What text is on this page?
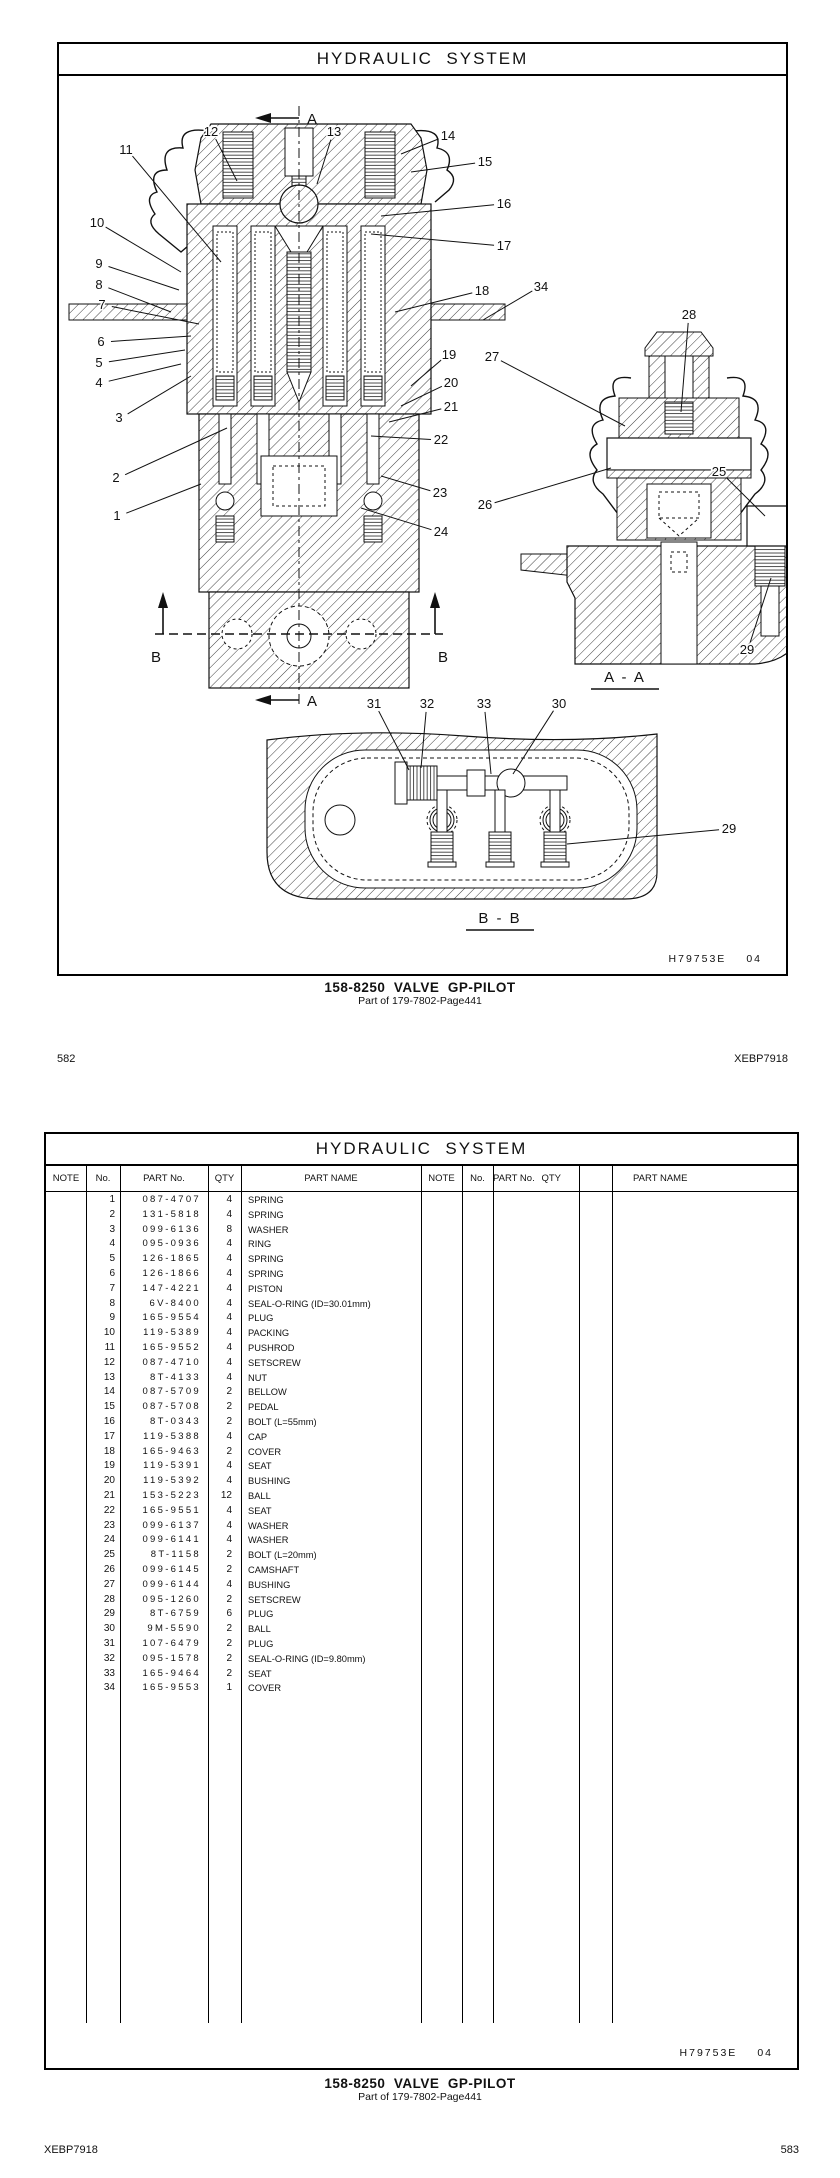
HYDRAULIC  SYSTEM
1
2
3
4
5
6
7
8
9
10
11
12	13	14
15
16
17
18	34
19
20
21
22
23
24
27
28
26
25
29
31	32	33	30
29
A
A
B	B
A - A
B - B
H79753E 04
158-8250  VALVE  GP-PILOT
Part of 179-7802-Page441
582	XEBP7918
HYDRAULIC  SYSTEM
NOTE	No.	PART No.	QTY	PART NAME	NOTE	No. PART No. QTY	PART NAME
1	087-4707	4	SPRING
2	131-5818	4	SPRING
3	099-6136	8	WASHER
4	095-0936	4	RING
5	126-1865	4	SPRING
6	126-1866	4	SPRING
7	147-4221	4	PISTON
8	6V-8400	4	SEAL-O-RING (ID=30.01mm)
9	165-9554	4	PLUG
10	119-5389	4	PACKING
11	165-9552	4	PUSHROD
12	087-4710	4	SETSCREW
13	8T-4133	4	NUT
14	087-5709	2	BELLOW
15	087-5708	2	PEDAL
16	8T-0343	2	BOLT (L=55mm)
17	119-5388	4	CAP
18	165-9463	2	COVER
19	119-5391	4	SEAT
20	119-5392	4	BUSHING
21	153-5223	12	BALL
22	165-9551	4	SEAT
23	099-6137	4	WASHER
24	099-6141	4	WASHER
25	8T-1158	2	BOLT (L=20mm)
26	099-6145	2	CAMSHAFT
27	099-6144	4	BUSHING
28	095-1260	2	SETSCREW
29	8T-6759	6	PLUG
30	9M-5590	2	BALL
31	107-6479	2	PLUG
32	095-1578	2	SEAL-O-RING (ID=9.80mm)
33	165-9464	2	SEAT
34	165-9553	1	COVER
H79753E 04
158-8250  VALVE  GP-PILOT
Part of 179-7802-Page441
XEBP7918	583
